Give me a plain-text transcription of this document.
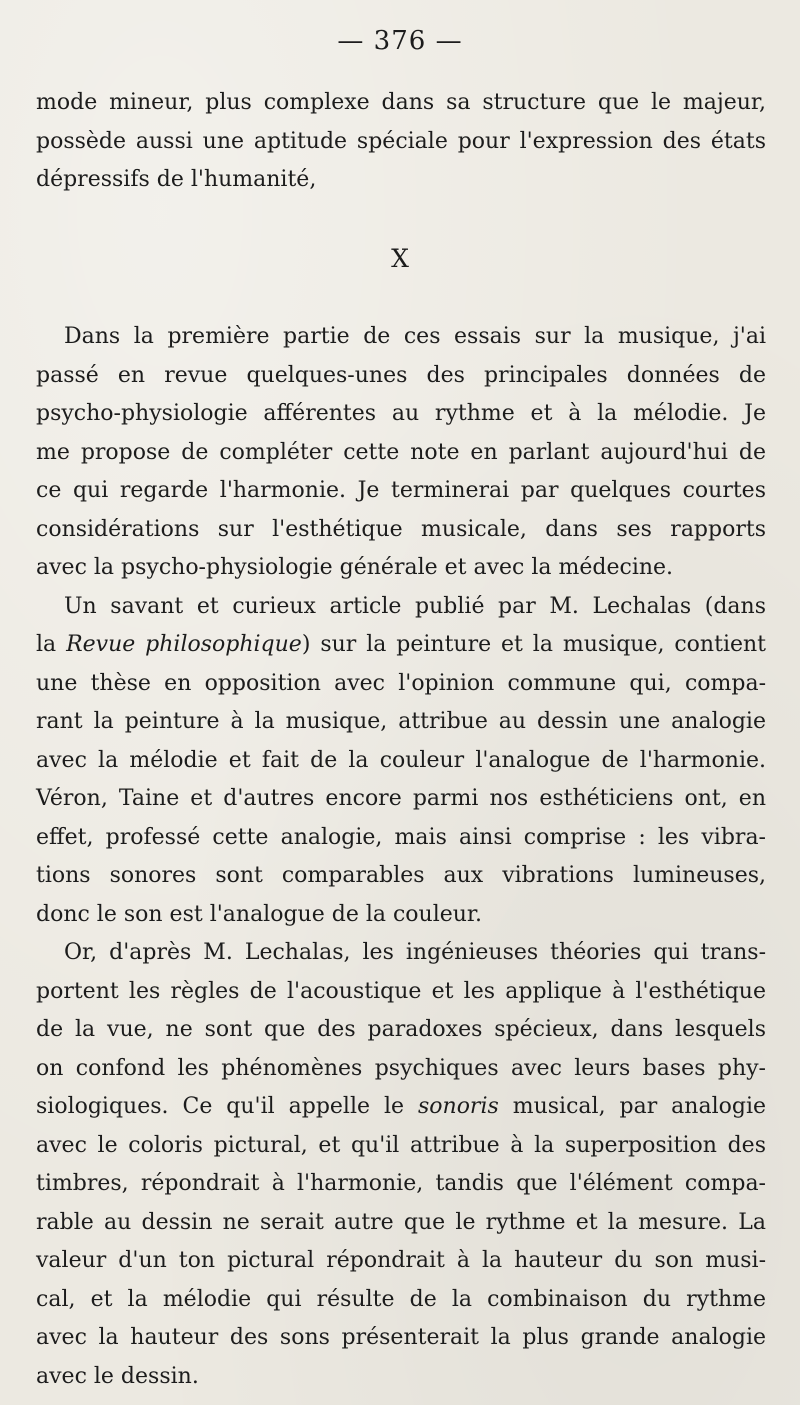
— 376 —
mode mineur, plus complexe dans sa structure que le majeur,
possède aussi une aptitude spéciale pour l'expression des états
dépressifs de l'humanité,
X
Dans la première partie de ces essais sur la musique, j'ai
passé en revue quelques-unes des principales données de
psycho-physiologie afférentes au rythme et à la mélodie. Je
me propose de compléter cette note en parlant aujourd'hui de
ce qui regarde l'harmonie. Je terminerai par quelques courtes
considérations sur l'esthétique musicale, dans ses rapports
avec la psycho-physiologie générale et avec la médecine.
Un savant et curieux article publié par M. Lechalas (dans
la Revue philosophique) sur la peinture et la musique, contient
une thèse en opposition avec l'opinion commune qui, compa-
rant la peinture à la musique, attribue au dessin une analogie
avec la mélodie et fait de la couleur l'analogue de l'harmonie.
Véron, Taine et d'autres encore parmi nos esthéticiens ont, en
effet, professé cette analogie, mais ainsi comprise : les vibra-
tions sonores sont comparables aux vibrations lumineuses,
donc le son est l'analogue de la couleur.
Or, d'après M. Lechalas, les ingénieuses théories qui trans-
portent les règles de l'acoustique et les applique à l'esthétique
de la vue, ne sont que des paradoxes spécieux, dans lesquels
on confond les phénomènes psychiques avec leurs bases phy-
siologiques. Ce qu'il appelle le sonoris musical, par analogie
avec le coloris pictural, et qu'il attribue à la superposition des
timbres, répondrait à l'harmonie, tandis que l'élément compa-
rable au dessin ne serait autre que le rythme et la mesure. La
valeur d'un ton pictural répondrait à la hauteur du son musi-
cal, et la mélodie qui résulte de la combinaison du rythme
avec la hauteur des sons présenterait la plus grande analogie
avec le dessin.
